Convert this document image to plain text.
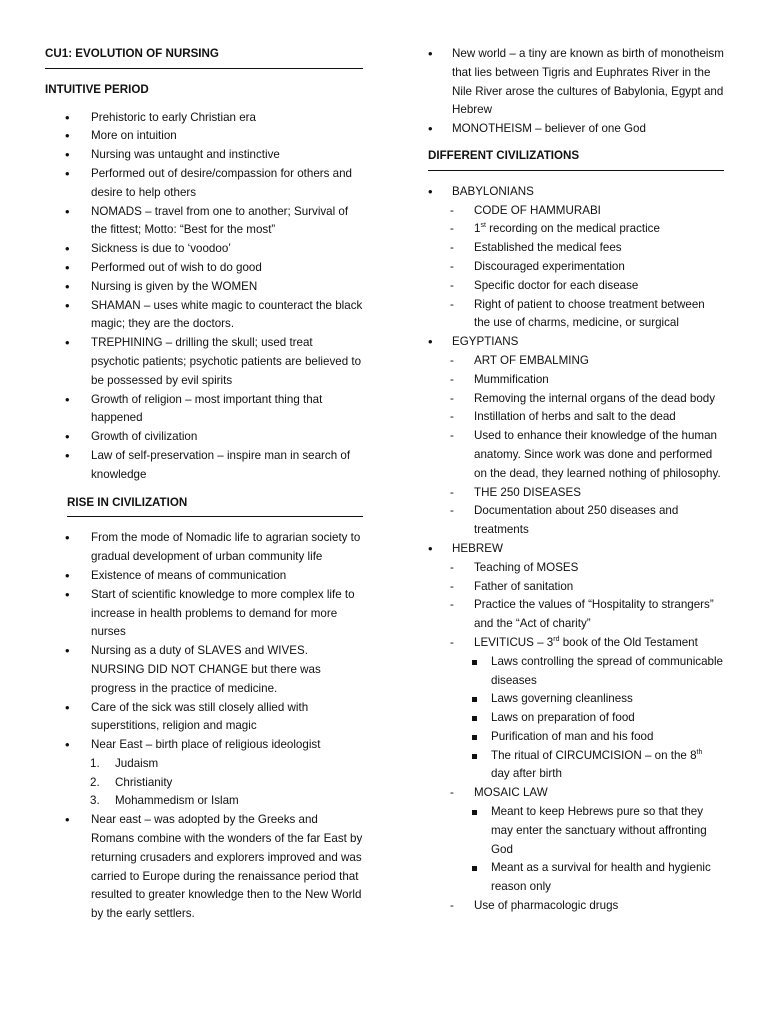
CU1: EVOLUTION OF NURSING
INTUITIVE PERIOD
• Prehistoric to early Christian era
• More on intuition
• Nursing was untaught and instinctive
• Performed out of desire/compassion for others and desire to help others
• NOMADS – travel from one to another; Survival of the fittest; Motto: “Best for the most”
• Sickness is due to ‘voodoo’
• Performed out of wish to do good
• Nursing is given by the WOMEN
• SHAMAN – uses white magic to counteract the black magic; they are the doctors.
• TREPHINING – drilling the skull; used treat psychotic patients; psychotic patients are believed to be possessed by evil spirits
• Growth of religion – most important thing that happened
• Growth of civilization
• Law of self-preservation – inspire man in search of knowledge
RISE IN CIVILIZATION
• From the mode of Nomadic life to agrarian society to gradual development of urban community life
• Existence of means of communication
• Start of scientific knowledge to more complex life to increase in health problems to demand for more nurses
• Nursing as a duty of SLAVES and WIVES. NURSING DID NOT CHANGE but there was progress in the practice of medicine.
• Care of the sick was still closely allied with superstitions, religion and magic
• Near East – birth place of religious ideologist
1. Judaism
2. Christianity
3. Mohammedism or Islam
• Near east – was adopted by the Greeks and Romans combine with the wonders of the far East by returning crusaders and explorers improved and was carried to Europe during the renaissance period that resulted to greater knowledge then to the New World by the early settlers.
• New world – a tiny are known as birth of monotheism that lies between Tigris and Euphrates River in the Nile River arose the cultures of Babylonia, Egypt and Hebrew
• MONOTHEISM – believer of one God
DIFFERENT CIVILIZATIONS
• BABYLONIANS
- CODE OF HAMMURABI
- 1st recording on the medical practice
- Established the medical fees
- Discouraged experimentation
- Specific doctor for each disease
- Right of patient to choose treatment between the use of charms, medicine, or surgical
• EGYPTIANS
- ART OF EMBALMING
- Mummification
- Removing the internal organs of the dead body
- Instillation of herbs and salt to the dead
- Used to enhance their knowledge of the human anatomy. Since work was done and performed on the dead, they learned nothing of philosophy.
- THE 250 DISEASES
- Documentation about 250 diseases and treatments
• HEBREW
- Teaching of MOSES
- Father of sanitation
- Practice the values of “Hospitality to strangers” and the “Act of charity”
- LEVITICUS – 3rd book of the Old Testament
Laws controlling the spread of communicable diseases
Laws governing cleanliness
Laws on preparation of food
Purification of man and his food
The ritual of CIRCUMCISION – on the 8th day after birth
- MOSAIC LAW
Meant to keep Hebrews pure so that they may enter the sanctuary without affronting God
Meant as a survival for health and hygienic reason only
- Use of pharmacologic drugs
